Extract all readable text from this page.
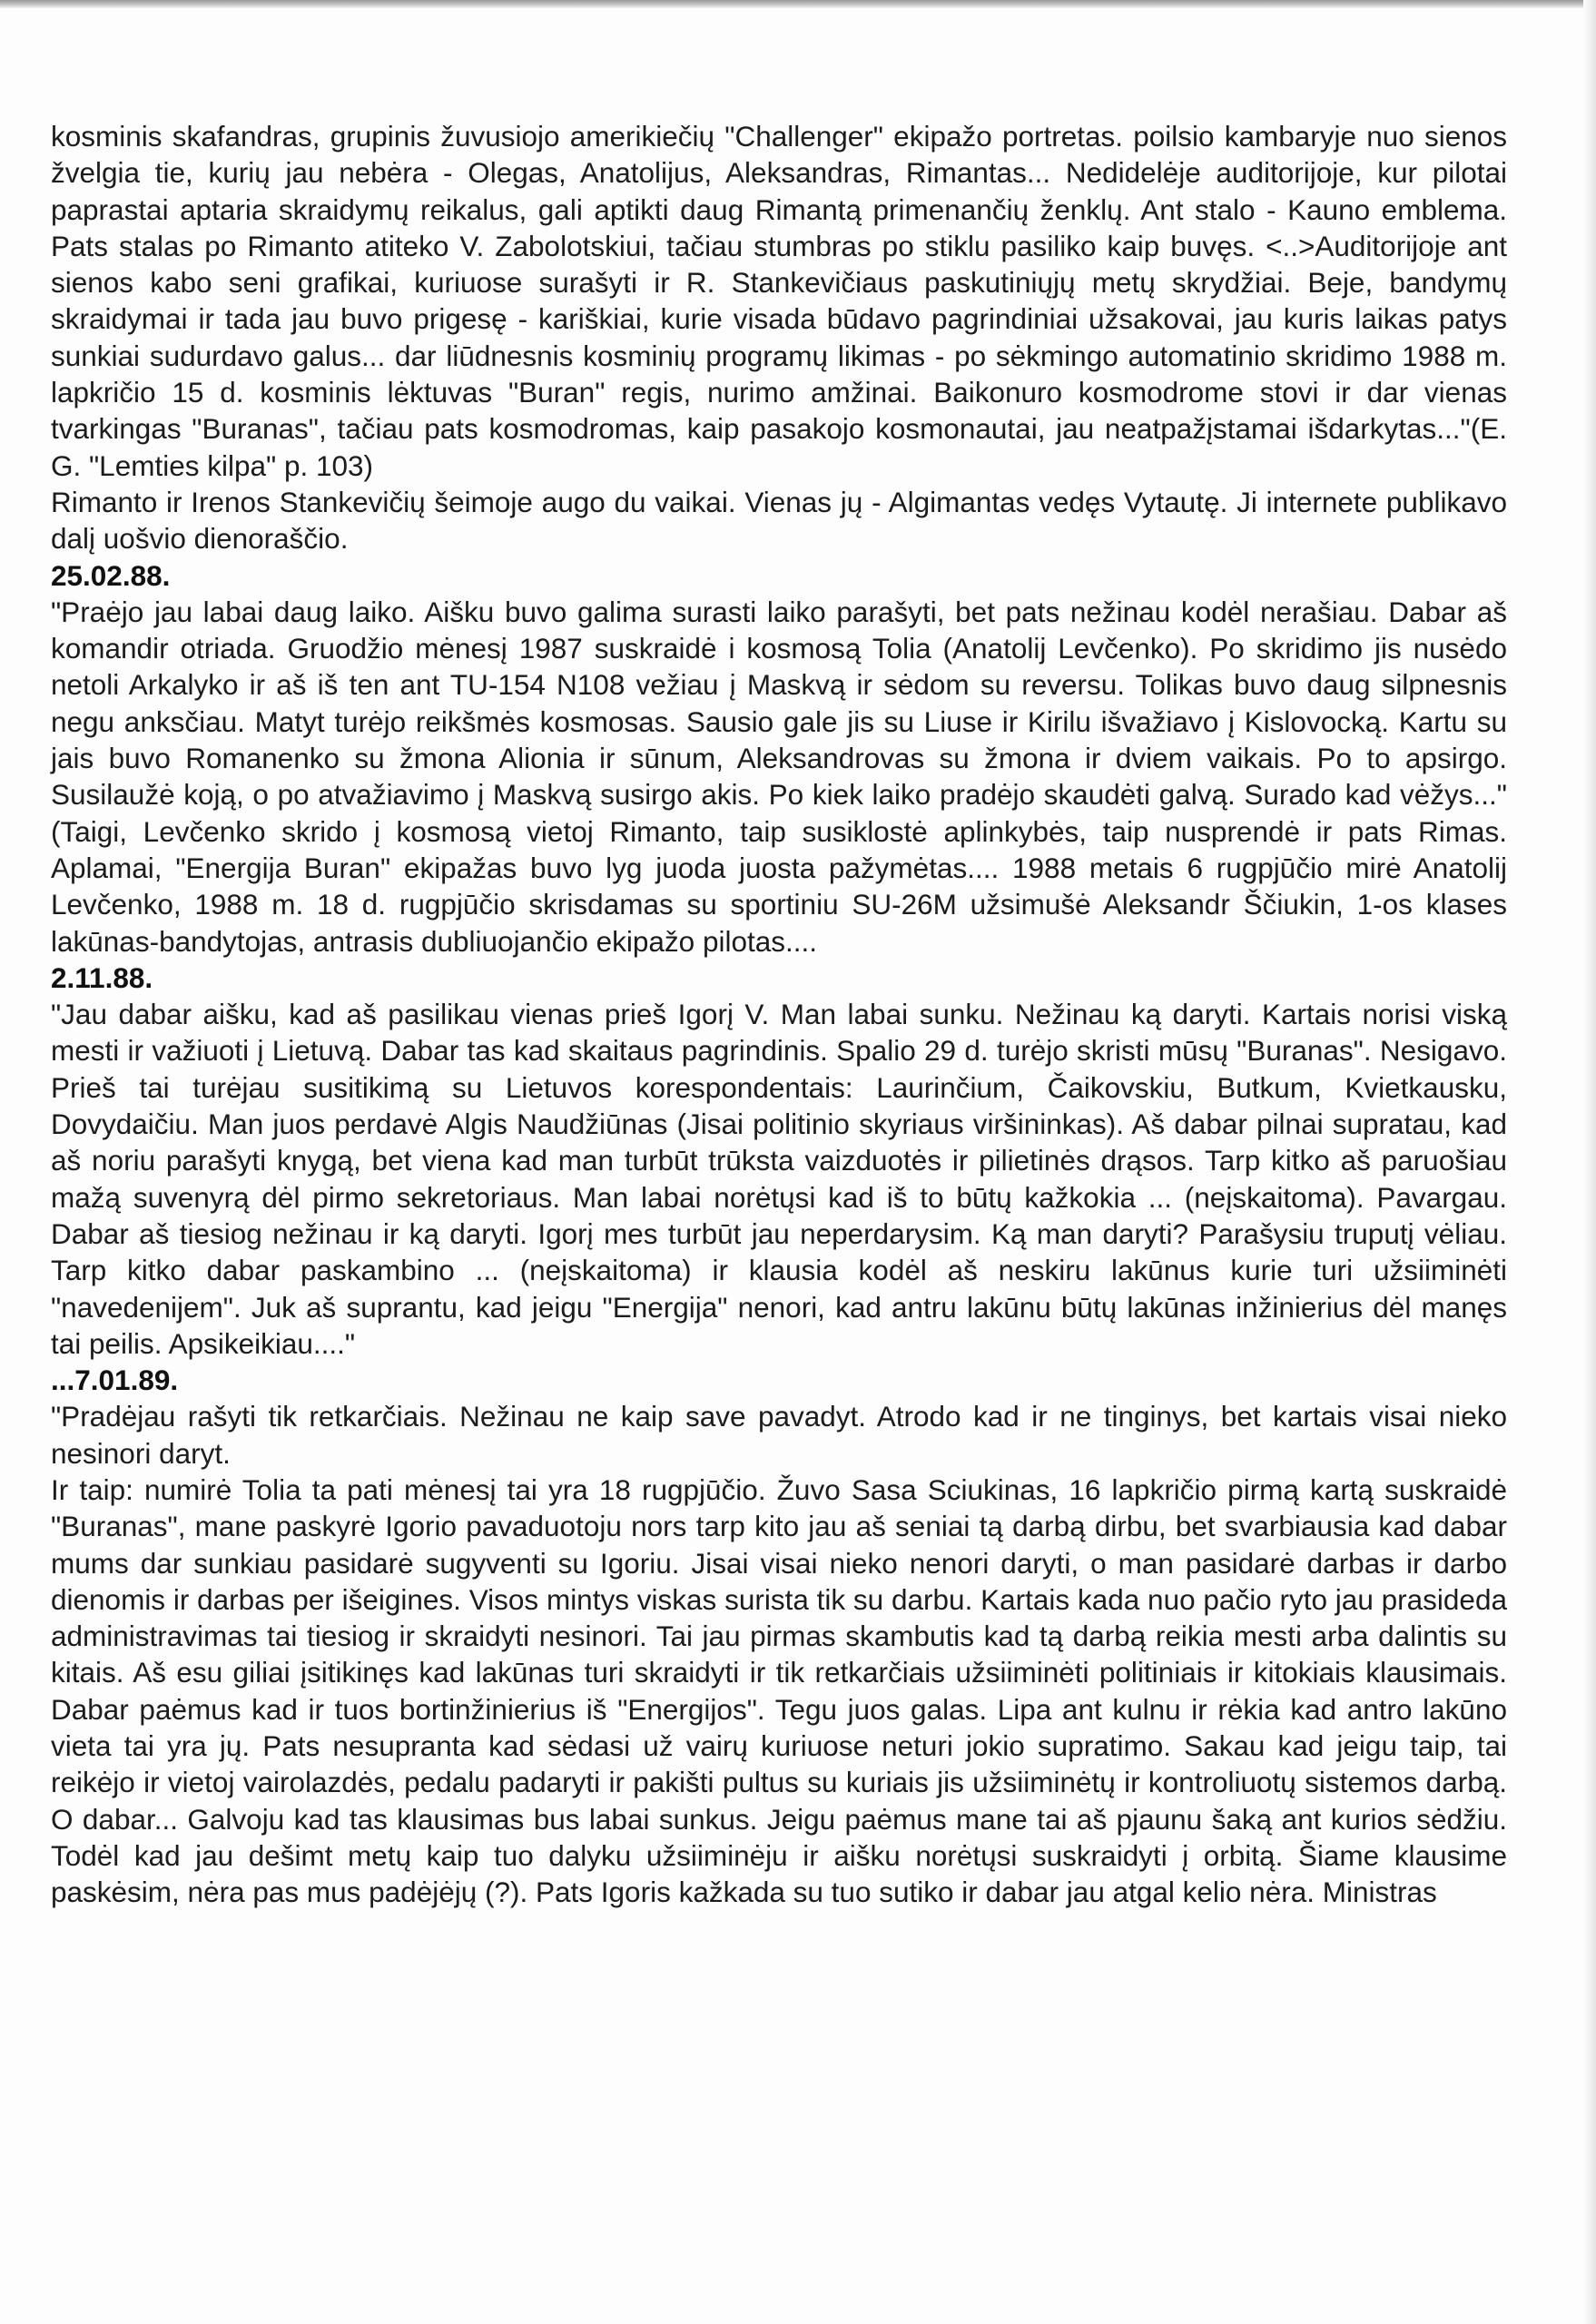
kosminis skafandras, grupinis žuvusiojo amerikiečių "Challenger" ekipažo portretas. poilsio kambaryje nuo sienos žvelgia tie, kurių jau nebėra - Olegas, Anatolijus, Aleksandras, Rimantas... Nedidelėje auditorijoje, kur pilotai paprastai aptaria skraidymų reikalus, gali aptikti daug Rimantą primenančių ženklų. Ant stalo - Kauno emblema. Pats stalas po Rimanto atiteko V. Zabolotskiui, tačiau stumbras po stiklu pasiliko kaip buvęs. <..>Auditorijoje ant sienos kabo seni grafikai, kuriuose surašyti ir R. Stankevičiaus paskutiniųjų metų skrydžiai. Beje, bandymų skraidymai ir tada jau buvo prigesę - kariškiai, kurie visada būdavo pagrindiniai užsakovai, jau kuris laikas patys sunkiai sudurdavo galus... dar liūdnesnis kosminių programų likimas - po sėkmingo automatinio skridimo 1988 m. lapkričio 15 d. kosminis lėktuvas "Buran" regis, nurimo amžinai. Baikonuro kosmodrome stovi ir dar vienas tvarkingas "Buranas", tačiau pats kosmodromas, kaip pasakojo kosmonautai, jau neatpažįstamai išdarkytas..."(E. G. "Lemties kilpa" p. 103)

Rimanto ir Irenos Stankevičių šeimoje augo du vaikai. Vienas jų - Algimantas vedęs Vytautę. Ji internete publikavo dalį uošvio dienoraščio.

25.02.88.

"Praėjo jau labai daug laiko. Aišku buvo galima surasti laiko parašyti, bet pats nežinau kodėl nerašiau. Dabar aš komandir otriada. Gruodžio mėnesį 1987 suskraidė i kosmosą Tolia (Anatolij Levčenko). Po skridimo jis nusėdo netoli Arkalyko ir aš iš ten ant TU-154 N108 vežiau į Maskvą ir sėdom su reversu. Tolikas buvo daug silpnesnis negu anksčiau. Matyt turėjo reikšmės kosmosas. Sausio gale jis su Liuse ir Kirilu išvažiavo į Kislovocką. Kartu su jais buvo Romanenko su žmona Alionia ir sūnum, Aleksandrovas su žmona ir dviem vaikais. Po to apsirgo. Susilaužė koją, o po atvažiavimo į Maskvą susirgo akis. Po kiek laiko pradėjo skaudėti galvą. Surado kad vėžys..." (Taigi, Levčenko skrido į kosmosą vietoj Rimanto, taip susiklostė aplinkybės, taip nusprendė ir pats Rimas. Aplamai, "Energija Buran" ekipažas buvo lyg juoda juosta pažymėtas.... 1988 metais 6 rugpjūčio mirė Anatolij Levčenko, 1988 m. 18 d. rugpjūčio skrisdamas su sportiniu SU-26M užsimušė Aleksandr Ščiukin, 1-os klases lakūnas-bandytojas, antrasis dubliuojančio ekipažo pilotas....

2.11.88.

"Jau dabar aišku, kad aš pasilikau vienas prieš Igorį V. Man labai sunku. Nežinau ką daryti. Kartais norisi viską mesti ir važiuoti į Lietuvą. Dabar tas kad skaitaus pagrindinis. Spalio 29 d. turėjo skristi mūsų "Buranas". Nesigavo. Prieš tai turėjau susitikimą su Lietuvos korespondentais: Laurinčium, Čaikovskiu, Butkum, Kvietkausku, Dovydaičiu. Man juos perdavė Algis Naudžiūnas (Jisai politinio skyriaus viršininkas). Aš dabar pilnai supratau, kad aš noriu parašyti knygą, bet viena kad man turbūt trūksta vaizduotės ir pilietinės drąsos. Tarp kitko aš paruošiau mažą suvenyrą dėl pirmo sekretoriaus. Man labai norėtųsi kad iš to būtų kažkokia ... (neįskaitoma). Pavargau. Dabar aš tiesiog nežinau ir ką daryti. Igorį mes turbūt jau neperdarysim. Ką man daryti? Parašysiu truputį vėliau. Tarp kitko dabar paskambino ... (neįskaitoma) ir klausia kodėl aš neskiru lakūnus kurie turi užsiiminėti "navedenijem". Juk aš suprantu, kad jeigu "Energija" nenori, kad antru lakūnu būtų lakūnas inžinierius dėl manęs tai peilis. Apsikeikiau...."

...7.01.89.

"Pradėjau rašyti tik retkarčiais. Nežinau ne kaip save pavadyt. Atrodo kad ir ne tinginys, bet kartais visai nieko nesinori daryt.

Ir taip: numirė Tolia ta pati mėnesį tai yra 18 rugpjūčio. Žuvo Sasa Sciukinas, 16 lapkričio pirmą kartą suskraidė "Buranas", mane paskyrė Igorio pavaduotoju nors tarp kito jau aš seniai tą darbą dirbu, bet svarbiausia kad dabar mums dar sunkiau pasidarė sugyventi su Igoriu. Jisai visai nieko nenori daryti, o man pasidarė darbas ir darbo dienomis ir darbas per išeigines. Visos mintys viskas surista tik su darbu. Kartais kada nuo pačio ryto jau prasideda administravimas tai tiesiog ir skraidyti nesinori. Tai jau pirmas skambutis kad tą darbą reikia mesti arba dalintis su kitais. Aš esu giliai įsitikinęs kad lakūnas turi skraidyti ir tik retkarčiais užsiiminėti politiniais ir kitokiais klausimais. Dabar paėmus kad ir tuos bortinžinierius iš "Energijos". Tegu juos galas. Lipa ant kulnu ir rėkia kad antro lakūno vieta tai yra jų. Pats nesupranta kad sėdasi už vairų kuriuose neturi jokio supratimo. Sakau kad jeigu taip, tai reikėjo ir vietoj vairolazdės, pedalu padaryti ir pakišti pultus su kuriais jis užsiiminėtų ir kontroliuotų sistemos darbą. O dabar... Galvoju kad tas klausimas bus labai sunkus. Jeigu paėmus mane tai aš pjaunu šaką ant kurios sėdžiu. Todėl kad jau dešimt metų kaip tuo dalyku užsiiminėju ir aišku norėtųsi suskraidyti į orbitą. Šiame klausime paskėsim, nėra pas mus padėjėjų (?). Pats Igoris kažkada su tuo sutiko ir dabar jau atgal kelio nėra. Ministras
